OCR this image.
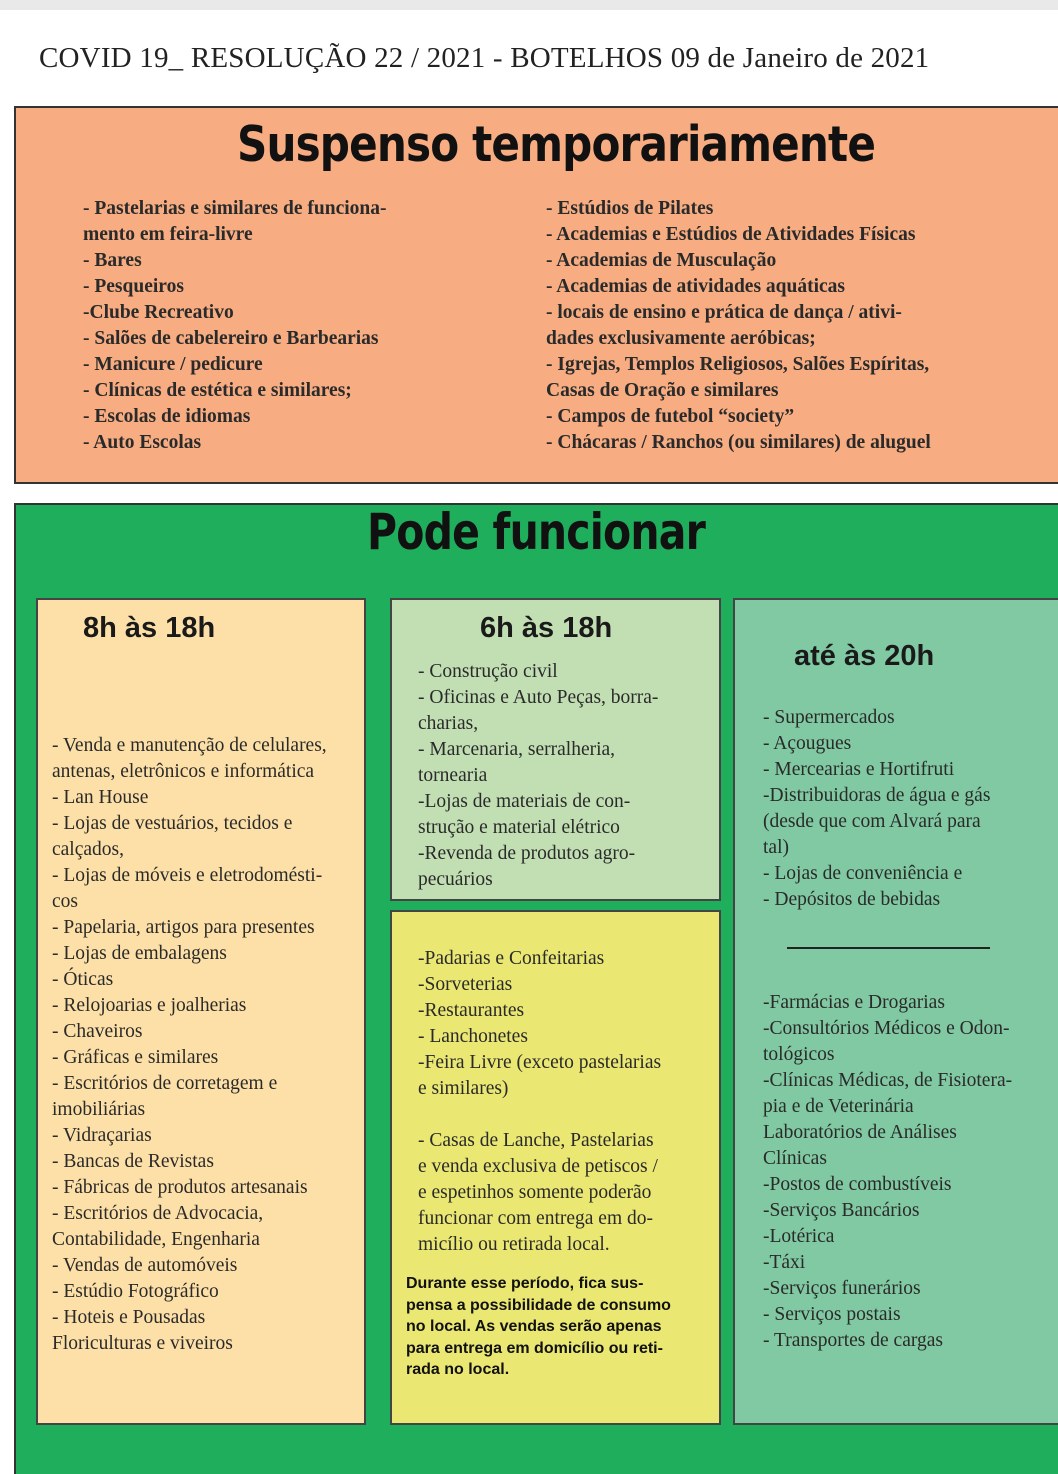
COVID 19_ RESOLUÇÃO 22 / 2021 - BOTELHOS 09 de Janeiro de 2021
Suspenso temporariamente
- Pastelarias e similares de funciona-
mento em feira-livre
- Bares
- Pesqueiros
-Clube Recreativo
- Salões de cabelereiro e Barbearias
- Manicure / pedicure
- Clínicas de estética e similares;
- Escolas de idiomas
- Auto Escolas
- Estúdios de Pilates
- Academias e Estúdios de Atividades Físicas
- Academias de Musculação
- Academias de atividades aquáticas
- locais de ensino e prática de dança / ativi-
dades exclusivamente aeróbicas;
- Igrejas, Templos Religiosos, Salões Espíritas,
Casas de Oração e similares
- Campos de futebol “society”
- Chácaras / Ranchos (ou similares) de aluguel
Pode funcionar
8h às 18h
- Venda e manutenção de celulares,
antenas, eletrônicos e informática
- Lan House
- Lojas de vestuários, tecidos e
calçados,
- Lojas de móveis e eletrodomésti-
cos
- Papelaria, artigos para presentes
- Lojas de embalagens
- Óticas
- Relojoarias e joalherias
- Chaveiros
- Gráficas e similares
- Escritórios de corretagem e
imobiliárias
- Vidraçarias
- Bancas de Revistas
- Fábricas de produtos artesanais
- Escritórios de Advocacia,
Contabilidade, Engenharia
- Vendas de automóveis
- Estúdio Fotográfico
- Hoteis e Pousadas
Floriculturas e viveiros
6h às 18h
- Construção civil
- Oficinas e Auto Peças, borra-
charias,
- Marcenaria, serralheria,
tornearia
-Lojas de materiais de con-
strução e material elétrico
-Revenda de produtos agro-
pecuários
-Padarias e Confeitarias
-Sorveterias
-Restaurantes
- Lanchonetes
-Feira Livre (exceto pastelarias
e similares)

- Casas de Lanche, Pastelarias
e venda exclusiva de petiscos /
e espetinhos somente poderão
funcionar com entrega em do-
micílio ou retirada local.
Durante esse período, fica sus-
pensa a possibilidade de consumo
no local. As vendas serão apenas
para entrega em domicílio ou reti-
rada no local.
até às 20h
- Supermercados
- Açougues
- Mercearias e Hortifruti
-Distribuidoras de água e gás
(desde que com Alvará para
tal)
- Lojas de conveniência e
- Depósitos de bebidas
-Farmácias e Drogarias
-Consultórios Médicos e Odon-
tológicos
-Clínicas Médicas, de Fisiotera-
pia e de Veterinária
Laboratórios de Análises
Clínicas
-Postos de combustíveis
-Serviços Bancários
-Lotérica
-Táxi
-Serviços funerários
- Serviços postais
- Transportes de cargas
